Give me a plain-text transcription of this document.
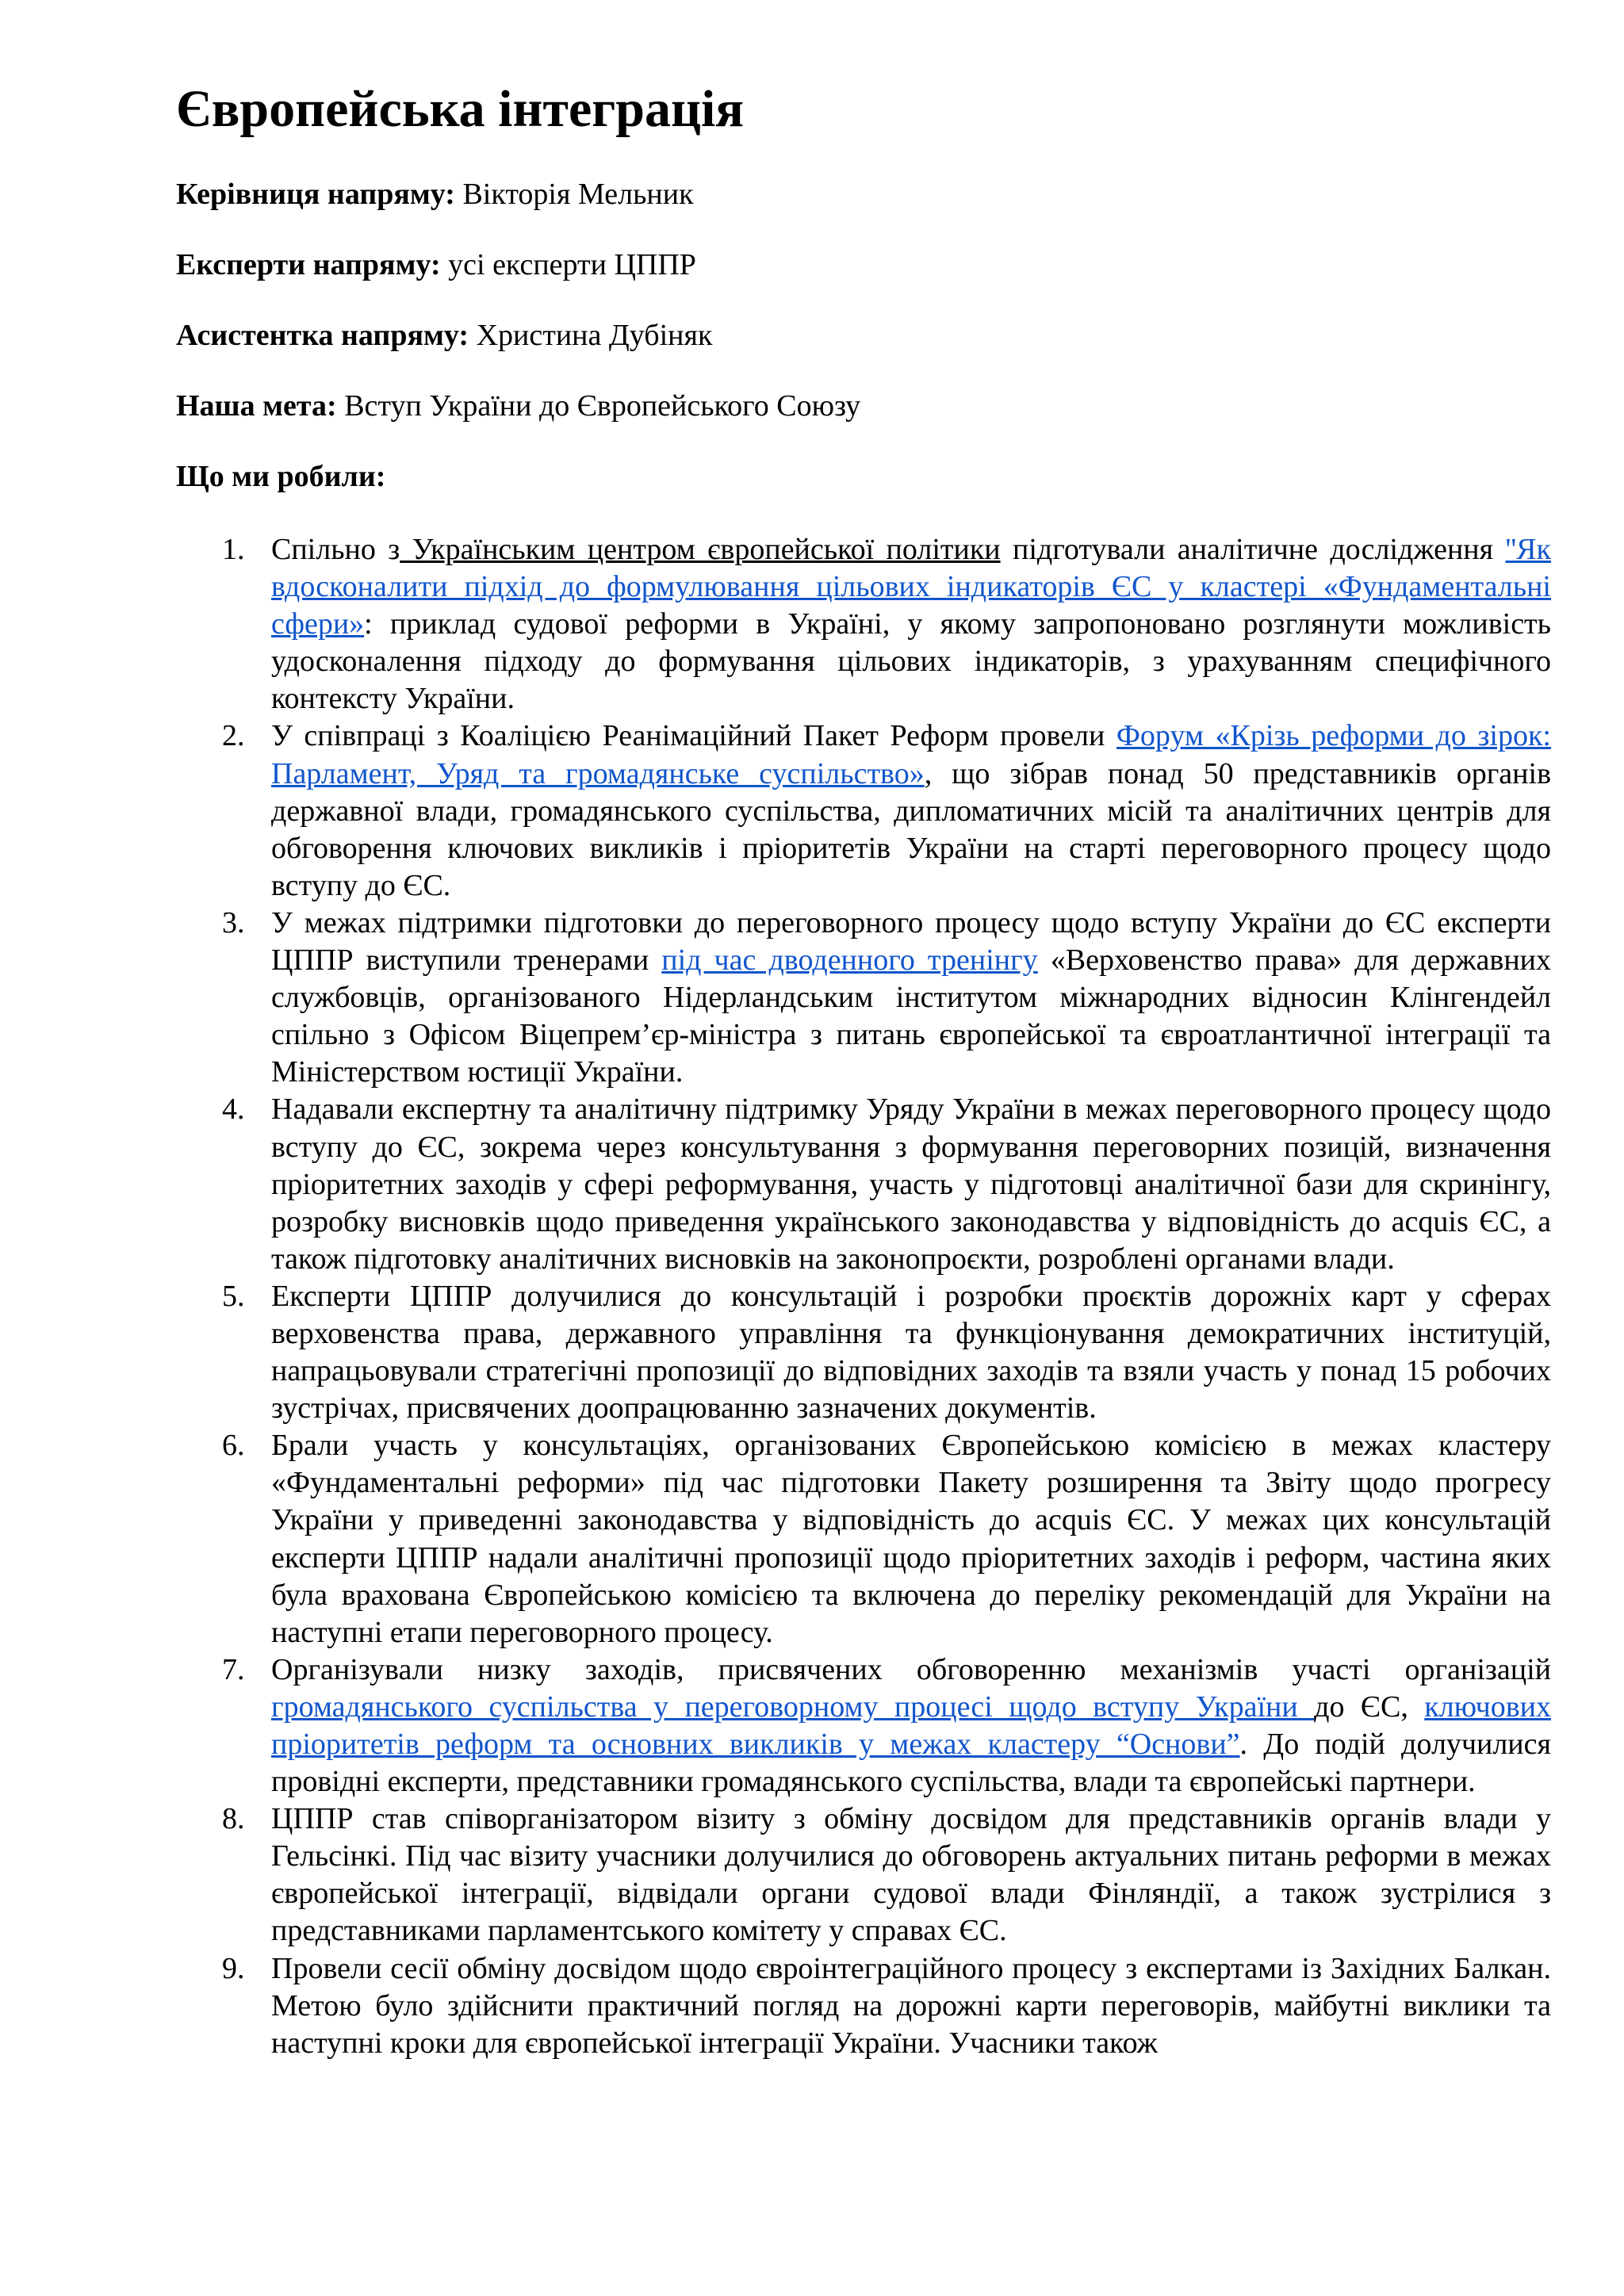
Європейська інтеграція

Керівниця напряму: Вікторія Мельник

Експерти напряму: усі експерти ЦППР

Асистентка напряму: Христина Дубіняк

Наша мета: Вступ України до Європейського Союзу

Що ми робили:

1. Спільно з Українським центром європейської політики підготували аналітичне дослідження ''Як вдосконалити підхід до формулювання цільових індикаторів ЄС у кластері «Фундаментальні сфери»: приклад судової реформи в Україні, у якому запропоновано розглянути можливість удосконалення підходу до формування цільових індикаторів, з урахуванням специфічного контексту України.
2. У співпраці з Коаліцією Реанімаційний Пакет Реформ провели Форум «Крізь реформи до зірок: Парламент, Уряд та громадянське суспільство», що зібрав понад 50 представників органів державної влади, громадянського суспільства, дипломатичних місій та аналітичних центрів для обговорення ключових викликів і пріоритетів України на старті переговорного процесу щодо вступу до ЄС.
3. У межах підтримки підготовки до переговорного процесу щодо вступу України до ЄС експерти ЦППР виступили тренерами під час дводенного тренінгу «Верховенство права» для державних службовців, організованого Нідерландським інститутом міжнародних відносин Клінгендейл спільно з Офісом Віцепрем’єр-міністра з питань європейської та євроатлантичної інтеграції та Міністерством юстиції України.
4. Надавали експертну та аналітичну підтримку Уряду України в межах переговорного процесу щодо вступу до ЄС, зокрема через консультування з формування переговорних позицій, визначення пріоритетних заходів у сфері реформування, участь у підготовці аналітичної бази для скринінгу, розробку висновків щодо приведення українського законодавства у відповідність до acquis ЄС, а також підготовку аналітичних висновків на законопроєкти, розроблені органами влади.
5. Експерти ЦППР долучилися до консультацій і розробки проєктів дорожніх карт у сферах верховенства права, державного управління та функціонування демократичних інституцій, напрацьовували стратегічні пропозиції до відповідних заходів та взяли участь у понад 15 робочих зустрічах, присвячених доопрацюванню зазначених документів.
6. Брали участь у консультаціях, організованих Європейською комісією в межах кластеру «Фундаментальні реформи» під час підготовки Пакету розширення та Звіту щодо прогресу України у приведенні законодавства у відповідність до acquis ЄС. У межах цих консультацій експерти ЦППР надали аналітичні пропозиції щодо пріоритетних заходів і реформ, частина яких була врахована Європейською комісією та включена до переліку рекомендацій для України на наступні етапи переговорного процесу.
7. Організували низку заходів, присвячених обговоренню механізмів участі організацій громадянського суспільства у переговорному процесі щодо вступу України до ЄС, ключових пріоритетів реформ та основних викликів у межах кластеру “Основи”. До подій долучилися провідні експерти, представники громадянського суспільства, влади та європейські партнери.
8. ЦППР став співорганізатором візиту з обміну досвідом для представників органів влади у Гельсінкі. Під час візиту учасники долучилися до обговорень актуальних питань реформи в межах європейської інтеграції, відвідали органи судової влади Фінляндії, а також зустрілися з представниками парламентського комітету у справах ЄС.
9. Провели сесії обміну досвідом щодо євроінтеграційного процесу з експертами із Західних Балкан. Метою було здійснити практичний погляд на дорожні карти переговорів, майбутні виклики та наступні кроки для європейської інтеграції України. Учасники також
